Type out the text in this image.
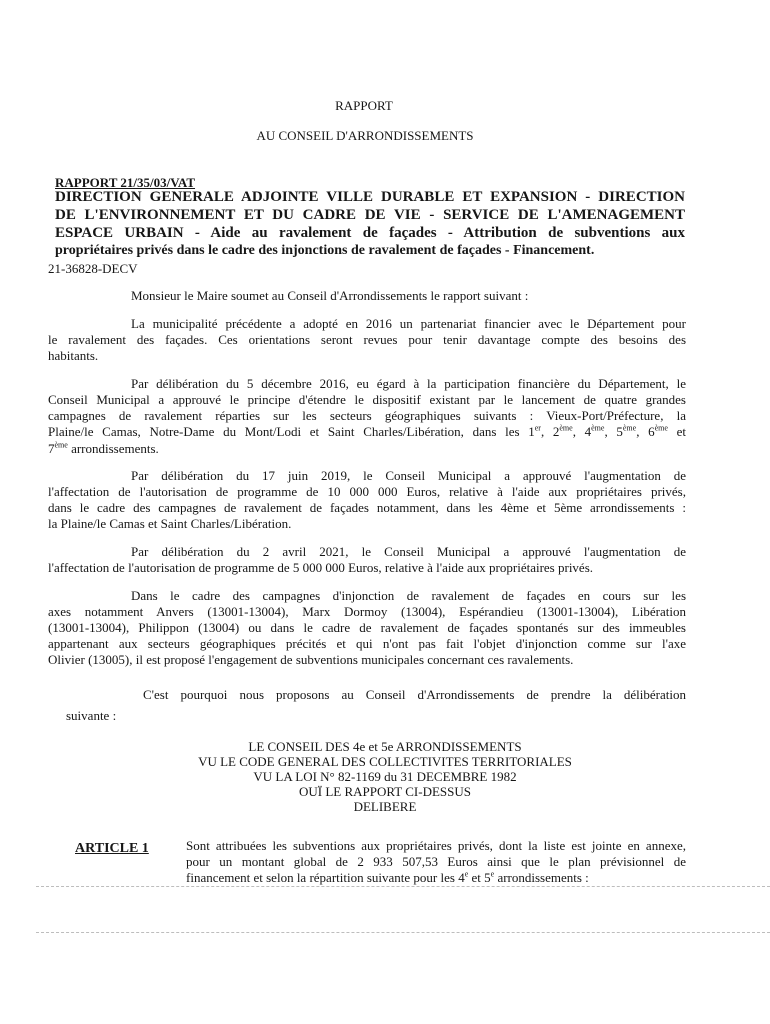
RAPPORT
AU CONSEIL D'ARRONDISSEMENTS
RAPPORT 21/35/03/VAT
DIRECTION GENERALE ADJOINTE VILLE DURABLE ET EXPANSION - DIRECTION
DE L'ENVIRONNEMENT ET DU CADRE DE VIE - SERVICE DE L'AMENAGEMENT
ESPACE URBAIN - Aide au ravalement de façades - Attribution de subventions aux
propriétaires privés dans le cadre des injonctions de ravalement de façades - Financement.
21-36828-DECV
Monsieur le Maire soumet au Conseil d'Arrondissements le rapport suivant :
La municipalité précédente a adopté en 2016 un partenariat financier avec le Département pour
le ravalement des façades. Ces orientations seront revues pour tenir davantage compte des besoins des
habitants.
Par délibération du 5 décembre 2016, eu égard à la participation financière du Département, le
Conseil Municipal a approuvé le principe d'étendre le dispositif existant par le lancement de quatre grandes
campagnes de ravalement réparties sur les secteurs géographiques suivants : Vieux-Port/Préfecture, la
Plaine/le Camas, Notre-Dame du Mont/Lodi et Saint Charles/Libération, dans les 1er, 2ème, 4ème, 5ème, 6ème et
7ème arrondissements.
Par délibération du 17 juin 2019, le Conseil Municipal a approuvé l'augmentation de
l'affectation de l'autorisation de programme de 10 000 000 Euros, relative à l'aide aux propriétaires privés,
dans le cadre des campagnes de ravalement de façades notamment, dans les 4ème et 5ème arrondissements :
la Plaine/le Camas et Saint Charles/Libération.
Par délibération du 2 avril 2021, le Conseil Municipal a approuvé l'augmentation de
l'affectation de l'autorisation de programme de 5 000 000 Euros, relative à l'aide aux propriétaires privés.
Dans le cadre des campagnes d'injonction de ravalement de façades en cours sur les
axes notamment Anvers (13001-13004), Marx Dormoy (13004), Espérandieu (13001-13004), Libération
(13001-13004), Philippon (13004) ou dans le cadre de ravalement de façades spontanés sur des immeubles
appartenant aux secteurs géographiques précités et qui n'ont pas fait l'objet d'injonction comme sur l'axe
Olivier (13005), il est proposé l'engagement de subventions municipales concernant ces ravalements.
C'est pourquoi nous proposons au Conseil d'Arrondissements de prendre la délibération
suivante :
LE CONSEIL DES 4e et 5e ARRONDISSEMENTS
VU LE CODE GENERAL DES COLLECTIVITES TERRITORIALES
VU LA LOI N° 82-1169 du 31 DECEMBRE 1982
OUÏ LE RAPPORT CI-DESSUS
DELIBERE
ARTICLE 1	Sont attribuées les subventions aux propriétaires privés, dont la liste est jointe en annexe,
pour un montant global de 2 933 507,53 Euros ainsi que le plan prévisionnel de
financement et selon la répartition suivante pour les 4e et 5e arrondissements :
